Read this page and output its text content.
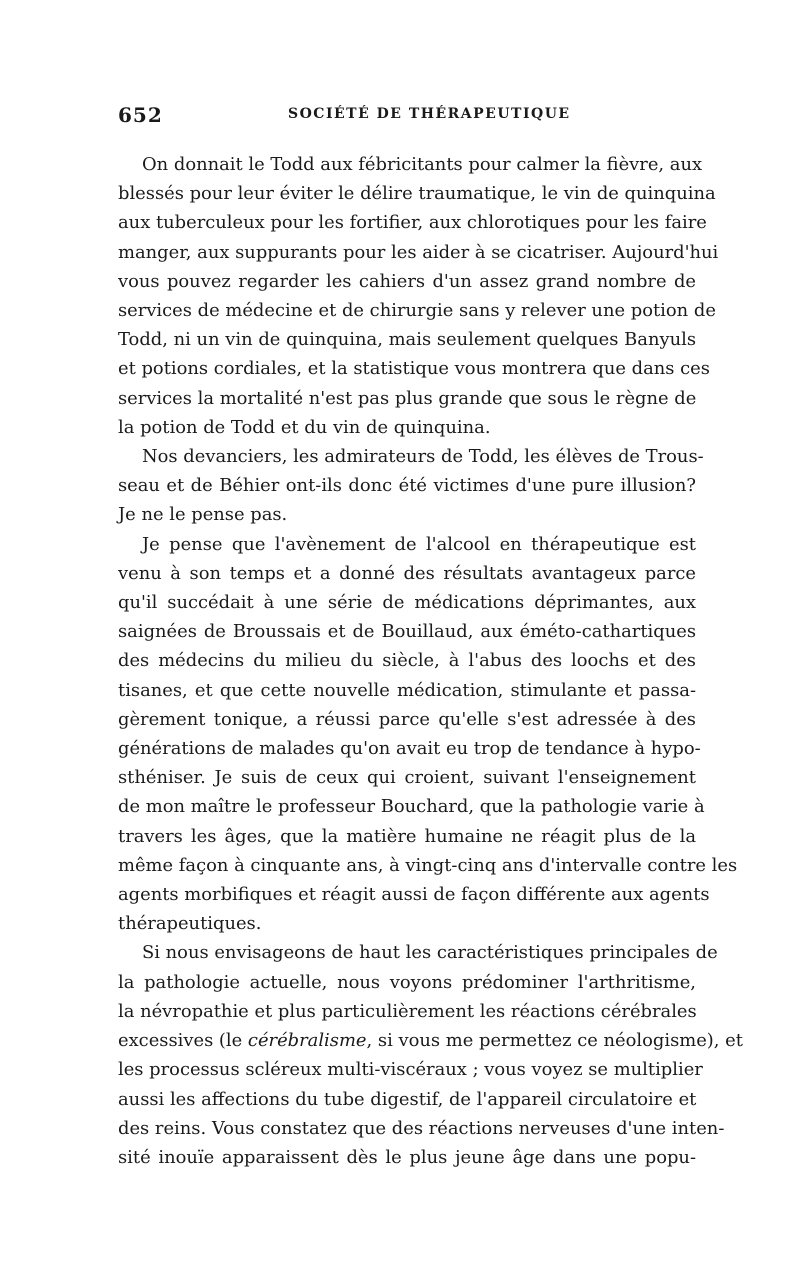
652	SOCIÉTÉ DE THÉRAPEUTIQUE
On donnait le Todd aux fébricitants pour calmer la fièvre, aux
blessés pour leur éviter le délire traumatique, le vin de quinquina
aux tuberculeux pour les fortifier, aux chlorotiques pour les faire
manger, aux suppurants pour les aider à se cicatriser. Aujourd'hui
vous pouvez regarder les cahiers d'un assez grand nombre de
services de médecine et de chirurgie sans y relever une potion de
Todd, ni un vin de quinquina, mais seulement quelques Banyuls
et potions cordiales, et la statistique vous montrera que dans ces
services la mortalité n'est pas plus grande que sous le règne de
la potion de Todd et du vin de quinquina.
Nos devanciers, les admirateurs de Todd, les élèves de Trous-
seau et de Béhier ont-ils donc été victimes d'une pure illusion?
Je ne le pense pas.
Je pense que l'avènement de l'alcool en thérapeutique est
venu à son temps et a donné des résultats avantageux parce
qu'il succédait à une série de médications déprimantes, aux
saignées de Broussais et de Bouillaud, aux éméto-cathartiques
des médecins du milieu du siècle, à l'abus des loochs et des
tisanes, et que cette nouvelle médication, stimulante et passa-
gèrement tonique, a réussi parce qu'elle s'est adressée à des
générations de malades qu'on avait eu trop de tendance à hypo-
sthéniser. Je suis de ceux qui croient, suivant l'enseignement
de mon maître le professeur Bouchard, que la pathologie varie à
travers les âges, que la matière humaine ne réagit plus de la
même façon à cinquante ans, à vingt-cinq ans d'intervalle contre les
agents morbifiques et réagit aussi de façon différente aux agents
thérapeutiques.
Si nous envisageons de haut les caractéristiques principales de
la pathologie actuelle, nous voyons prédominer l'arthritisme,
la névropathie et plus particulièrement les réactions cérébrales
excessives (le cérébralisme, si vous me permettez ce néologisme), et
les processus scléreux multi-viscéraux ; vous voyez se multiplier
aussi les affections du tube digestif, de l'appareil circulatoire et
des reins. Vous constatez que des réactions nerveuses d'une inten-
sité inouïe apparaissent dès le plus jeune âge dans une popu-
